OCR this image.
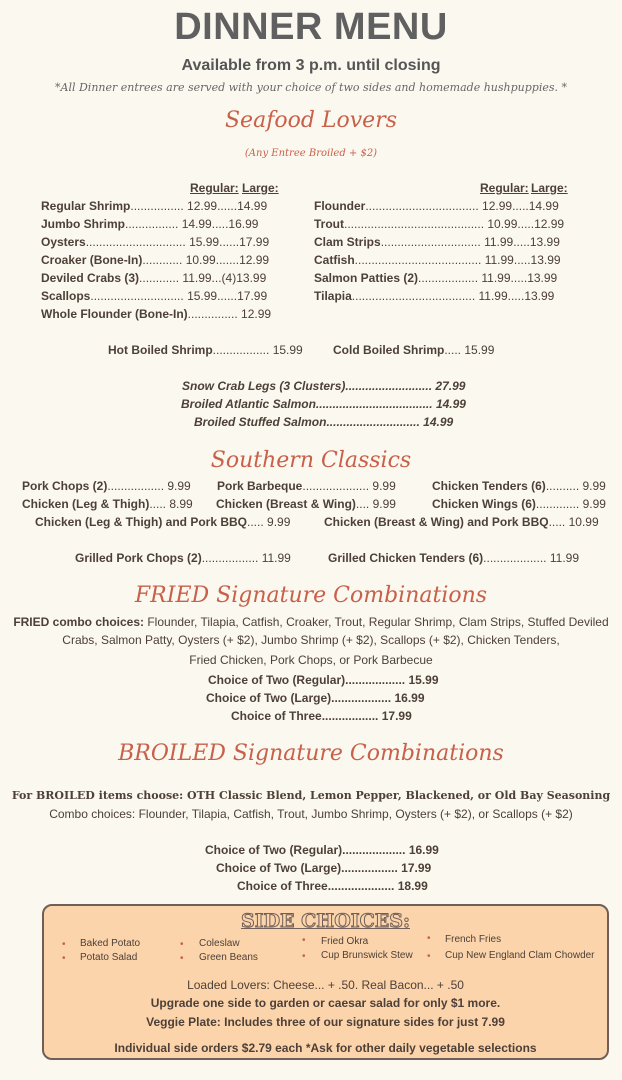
DINNER MENU
Available from 3 p.m. until closing
*All Dinner entrees are served with your choice of two sides and homemade hushpuppies. *
Seafood Lovers
(Any Entree Broiled + $2)
Regular: Large:	Regular: Large:
Regular Shrimp................ 12.99......14.99
Jumbo Shrimp................ 14.99.....16.99
Oysters.............................. 15.99......17.99
Croaker (Bone-In)............ 10.99.......12.99
Deviled Crabs (3)............ 11.99...(4)13.99
Scallops............................ 15.99......17.99
Whole Flounder (Bone-In)............... 12.99
Flounder.................................. 12.99.....14.99
Trout.......................................... 10.99.....12.99
Clam Strips.............................. 11.99.....13.99
Catfish...................................... 11.99.....13.99
Salmon Patties (2).................. 11.99.....13.99
Tilapia..................................... 11.99.....13.99
Hot Boiled Shrimp................. 15.99	Cold Boiled Shrimp..... 15.99
Snow Crab Legs (3 Clusters).......................... 27.99
Broiled Atlantic Salmon................................... 14.99
Broiled Stuffed Salmon............................ 14.99
Southern Classics
Pork Chops (2)................. 9.99 Pork Barbeque.................... 9.99	Chicken Tenders (6).......... 9.99
Chicken (Leg & Thigh)..... 8.99 Chicken (Breast & Wing).... 9.99	Chicken Wings (6)............. 9.99
Chicken (Leg & Thigh) and Pork BBQ..... 9.99	Chicken (Breast & Wing) and Pork BBQ..... 10.99
Grilled Pork Chops (2)................. 11.99	Grilled Chicken Tenders (6)................... 11.99
FRIED Signature Combinations
FRIED combo choices: Flounder, Tilapia, Catfish, Croaker, Trout, Regular Shrimp, Clam Strips, Stuffed Deviled
Crabs, Salmon Patty, Oysters (+ $2), Jumbo Shrimp (+ $2), Scallops (+ $2), Chicken Tenders,
Fried Chicken, Pork Chops, or Pork Barbecue
Choice of Two (Regular).................. 15.99
Choice of Two (Large).................. 16.99
Choice of Three................. 17.99
BROILED Signature Combinations
For BROILED items choose: OTH Classic Blend, Lemon Pepper, Blackened, or Old Bay Seasoning
Combo choices: Flounder, Tilapia, Catfish, Trout, Jumbo Shrimp, Oysters (+ $2), or Scallops (+ $2)
Choice of Two (Regular)................... 16.99
Choice of Two (Large)................. 17.99
Choice of Three.................... 18.99
SIDE CHOICES:
• Baked Potato
• Potato Salad
• Coleslaw
• Green Beans
• Fried Okra
• Cup Brunswick Stew
• French Fries
• Cup New England Clam Chowder
Loaded Lovers: Cheese... + .50. Real Bacon... + .50
Upgrade one side to garden or caesar salad for only $1 more.
Veggie Plate: Includes three of our signature sides for just 7.99
Individual side orders $2.79 each *Ask for other daily vegetable selections
